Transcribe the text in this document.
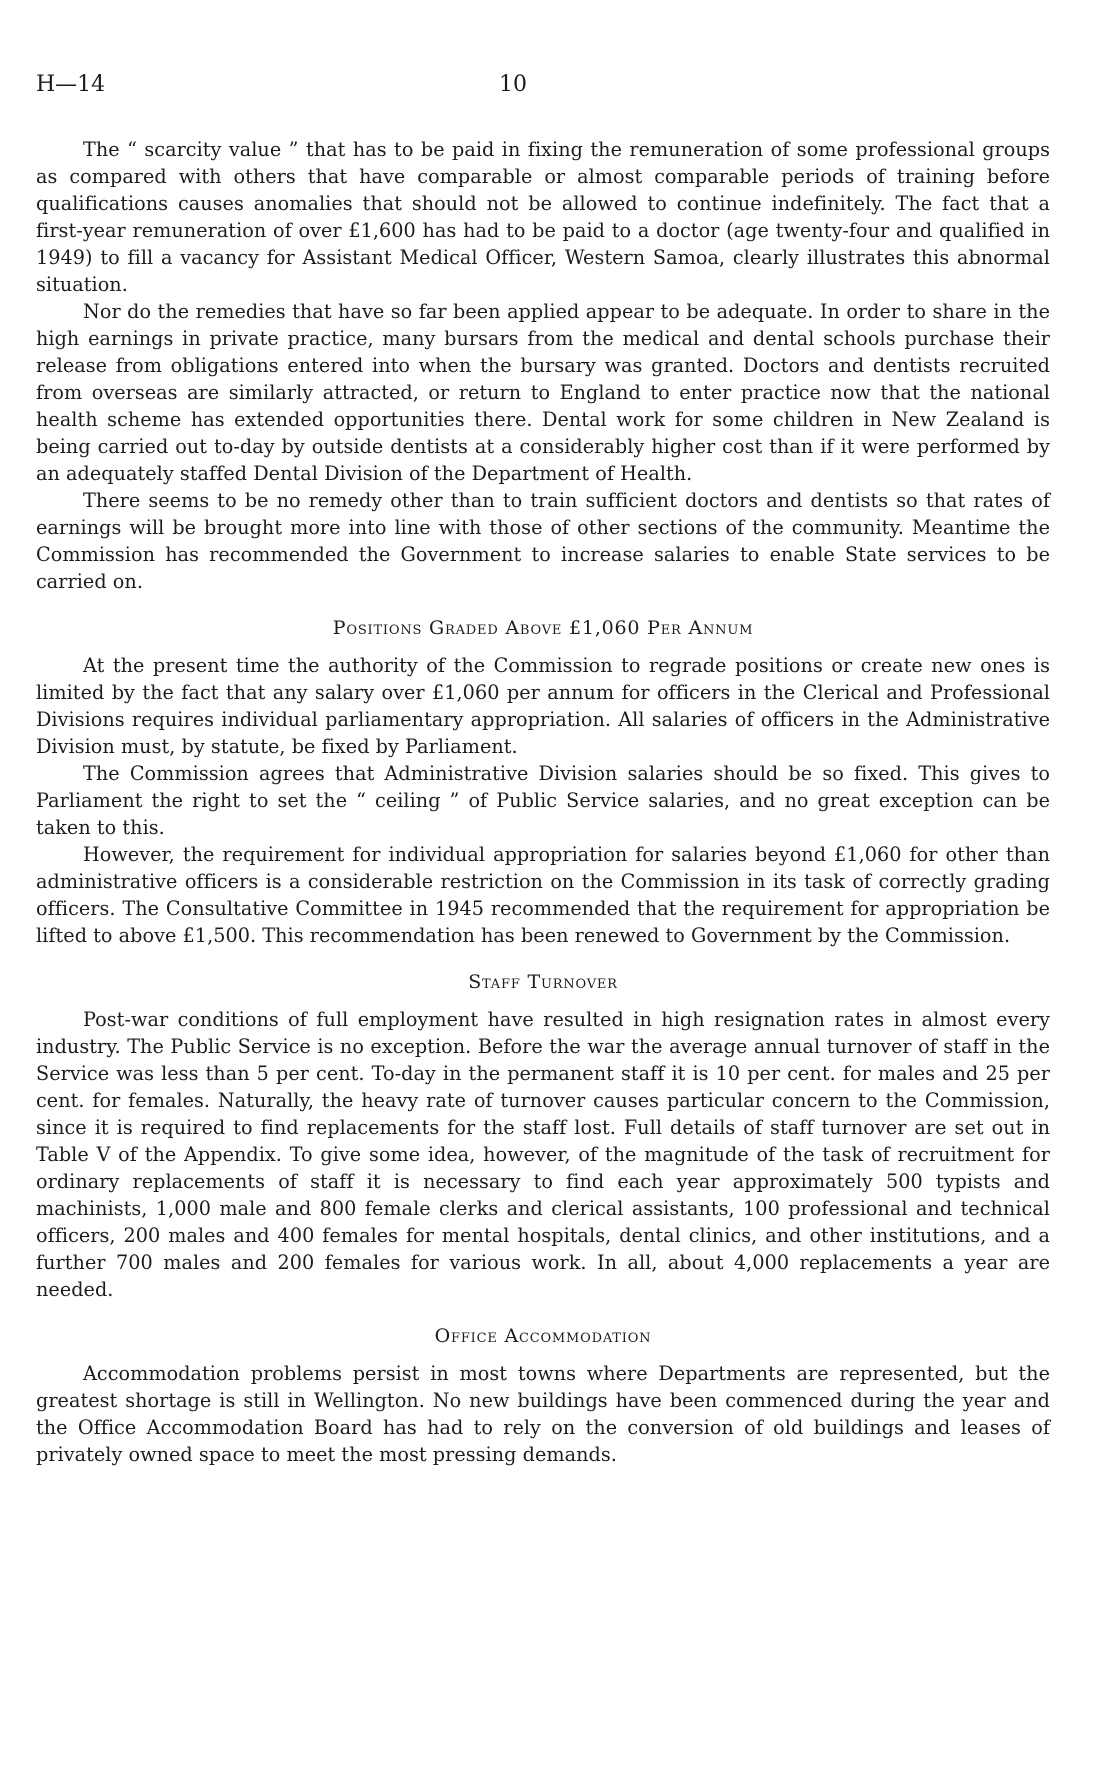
H—14	10

The “ scarcity value ” that has to be paid in fixing the remuneration of some professional groups as compared with others that have comparable or almost comparable periods of training before qualifications causes anomalies that should not be allowed to continue indefinitely. The fact that a first-year remuneration of over £1,600 has had to be paid to a doctor (age twenty-four and qualified in 1949) to fill a vacancy for Assistant Medical Officer, Western Samoa, clearly illustrates this abnormal situation.

Nor do the remedies that have so far been applied appear to be adequate. In order to share in the high earnings in private practice, many bursars from the medical and dental schools purchase their release from obligations entered into when the bursary was granted. Doctors and dentists recruited from overseas are similarly attracted, or return to England to enter practice now that the national health scheme has extended opportunities there. Dental work for some children in New Zealand is being carried out to-day by outside dentists at a considerably higher cost than if it were performed by an adequately staffed Dental Division of the Department of Health.

There seems to be no remedy other than to train sufficient doctors and dentists so that rates of earnings will be brought more into line with those of other sections of the community. Meantime the Commission has recommended the Government to increase salaries to enable State services to be carried on.

Positions Graded Above £1,060 Per Annum

At the present time the authority of the Commission to regrade positions or create new ones is limited by the fact that any salary over £1,060 per annum for officers in the Clerical and Professional Divisions requires individual parliamentary appropriation. All salaries of officers in the Administrative Division must, by statute, be fixed by Parliament.

The Commission agrees that Administrative Division salaries should be so fixed. This gives to Parliament the right to set the “ ceiling ” of Public Service salaries, and no great exception can be taken to this.

However, the requirement for individual appropriation for salaries beyond £1,060 for other than administrative officers is a considerable restriction on the Commission in its task of correctly grading officers. The Consultative Committee in 1945 recommended that the requirement for appropriation be lifted to above £1,500. This recommendation has been renewed to Government by the Commission.

Staff Turnover

Post-war conditions of full employment have resulted in high resignation rates in almost every industry. The Public Service is no exception. Before the war the average annual turnover of staff in the Service was less than 5 per cent. To-day in the permanent staff it is 10 per cent. for males and 25 per cent. for females. Naturally, the heavy rate of turnover causes particular concern to the Commission, since it is required to find replacements for the staff lost. Full details of staff turnover are set out in Table V of the Appendix. To give some idea, however, of the magnitude of the task of recruitment for ordinary replacements of staff it is necessary to find each year approximately 500 typists and machinists, 1,000 male and 800 female clerks and clerical assistants, 100 professional and technical officers, 200 males and 400 females for mental hospitals, dental clinics, and other institutions, and a further 700 males and 200 females for various work. In all, about 4,000 replacements a year are needed.

Office Accommodation

Accommodation problems persist in most towns where Departments are represented, but the greatest shortage is still in Wellington. No new buildings have been commenced during the year and the Office Accommodation Board has had to rely on the conversion of old buildings and leases of privately owned space to meet the most pressing demands.
